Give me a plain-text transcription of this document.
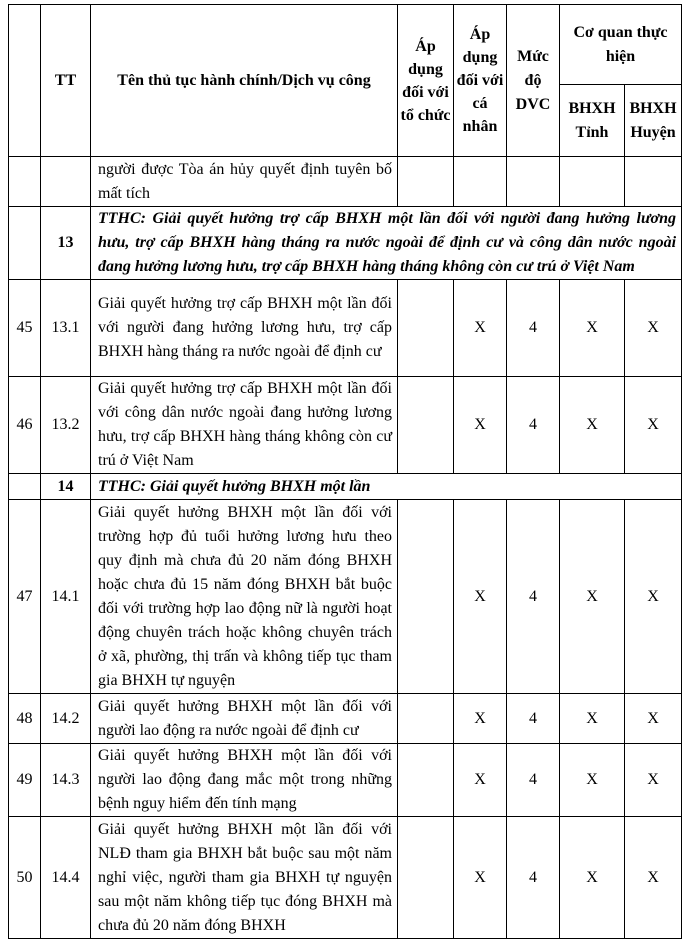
	TT	Tên thủ tục hành chính/Dịch vụ công	Áp dụng đối với tổ chức	Áp dụng đối với cá nhân	Mức độ DVC	Cơ quan thực hiện	
						BHXH Tỉnh	BHXH Huyện
		người được Tòa án hủy quyết định tuyên bố mất tích					
	13	TTHC: Giải quyết hưởng trợ cấp BHXH một lần đối với người đang hưởng lương hưu, trợ cấp BHXH hàng tháng ra nước ngoài để định cư và công dân nước ngoài đang hưởng lương hưu, trợ cấp BHXH hàng tháng không còn cư trú ở Việt Nam					
45	13.1	Giải quyết hưởng trợ cấp BHXH một lần đối với người đang hưởng lương hưu, trợ cấp BHXH hàng tháng ra nước ngoài để định cư		X	4	X	X
46	13.2	Giải quyết hưởng trợ cấp BHXH một lần đối với công dân nước ngoài đang hưởng lương hưu, trợ cấp BHXH hàng tháng không còn cư trú ở Việt Nam		X	4	X	X
	14	TTHC: Giải quyết hưởng BHXH một lần					
47	14.1	Giải quyết hưởng BHXH một lần đối với trường hợp đủ tuổi hưởng lương hưu theo quy định mà chưa đủ 20 năm đóng BHXH hoặc chưa đủ 15 năm đóng BHXH bắt buộc đối với trường hợp lao động nữ là người hoạt động chuyên trách hoặc không chuyên trách ở xã, phường, thị trấn và không tiếp tục tham gia BHXH tự nguyện		X	4	X	X
48	14.2	Giải quyết hưởng BHXH một lần đối với người lao động ra nước ngoài để định cư		X	4	X	X
49	14.3	Giải quyết hưởng BHXH một lần đối với người lao động đang mắc một trong những bệnh nguy hiểm đến tính mạng		X	4	X	X
50	14.4	Giải quyết hưởng BHXH một lần đối với NLĐ tham gia BHXH bắt buộc sau một năm nghỉ việc, người tham gia BHXH tự nguyện sau một năm không tiếp tục đóng BHXH mà chưa đủ 20 năm đóng BHXH		X	4	X	X
